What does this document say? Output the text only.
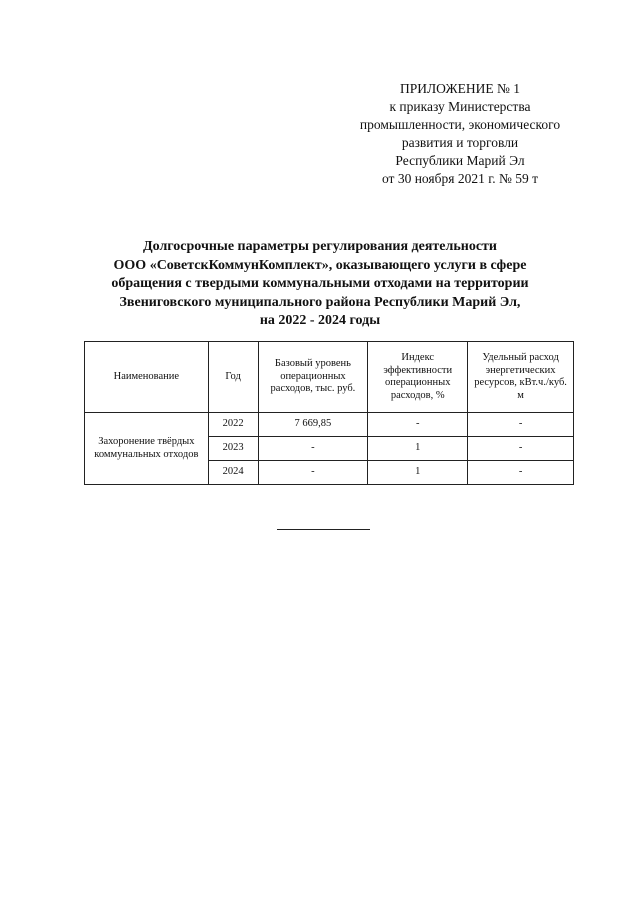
ПРИЛОЖЕНИЕ № 1
к приказу Министерства
промышленности, экономического
развития и торговли
Республики Марий Эл
от 30 ноября 2021 г. № 59 т
Долгосрочные параметры регулирования деятельности
ООО «СоветскКоммунКомплект», оказывающего услуги в сфере
обращения с твердыми коммунальными отходами на территории
Звениговского муниципального района Республики Марий Эл,
на 2022 - 2024 годы
Наименование	Год	Базовый уровень операционных расходов, тыс. руб.	Индекс эффективности операционных расходов, %	Удельный расход энергетических ресурсов, кВт.ч./куб. м
Захоронение твёрдых коммунальных отходов	2022	7 669,85	-	-
	2023	-	1	-
	2024	-	1	-
